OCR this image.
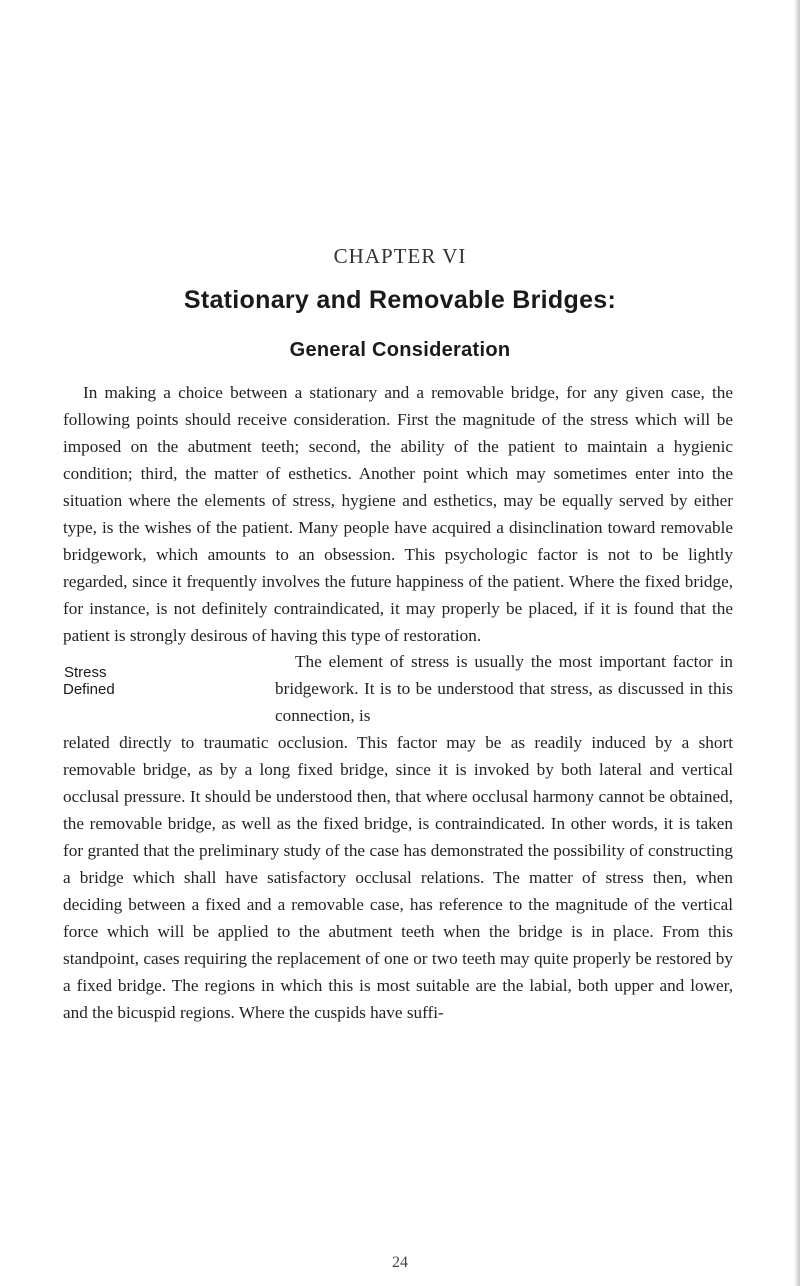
CHAPTER VI
Stationary and Removable Bridges:
General Consideration

In making a choice between a stationary and a removable bridge, for any given case, the following points should receive consideration. First the magnitude of the stress which will be imposed on the abutment teeth; second, the ability of the patient to maintain a hygienic condition; third, the matter of esthetics. Another point which may sometimes enter into the situation where the elements of stress, hygiene and esthetics, may be equally served by either type, is the wishes of the patient. Many people have acquired a disinclination toward removable bridgework, which amounts to an obsession. This psychologic factor is not to be lightly regarded, since it frequently involves the future happiness of the patient. Where the fixed bridge, for instance, is not definitely contraindicated, it may properly be placed, if it is found that the patient is strongly desirous of having this type of restoration.

Stress
Defined

The element of stress is usually the most important factor in bridgework. It is to be understood that stress, as discussed in this connection, is

related directly to traumatic occlusion. This factor may be as readily induced by a short removable bridge, as by a long fixed bridge, since it is invoked by both lateral and vertical occlusal pressure. It should be understood then, that where occlusal harmony cannot be obtained, the removable bridge, as well as the fixed bridge, is contraindicated. In other words, it is taken for granted that the preliminary study of the case has demonstrated the possibility of constructing a bridge which shall have satisfactory occlusal relations. The matter of stress then, when deciding between a fixed and a removable case, has reference to the magnitude of the vertical force which will be applied to the abutment teeth when the bridge is in place. From this standpoint, cases requiring the replacement of one or two teeth may quite properly be restored by a fixed bridge. The regions in which this is most suitable are the labial, both upper and lower, and the bicuspid regions. Where the cuspids have suffi-

24
